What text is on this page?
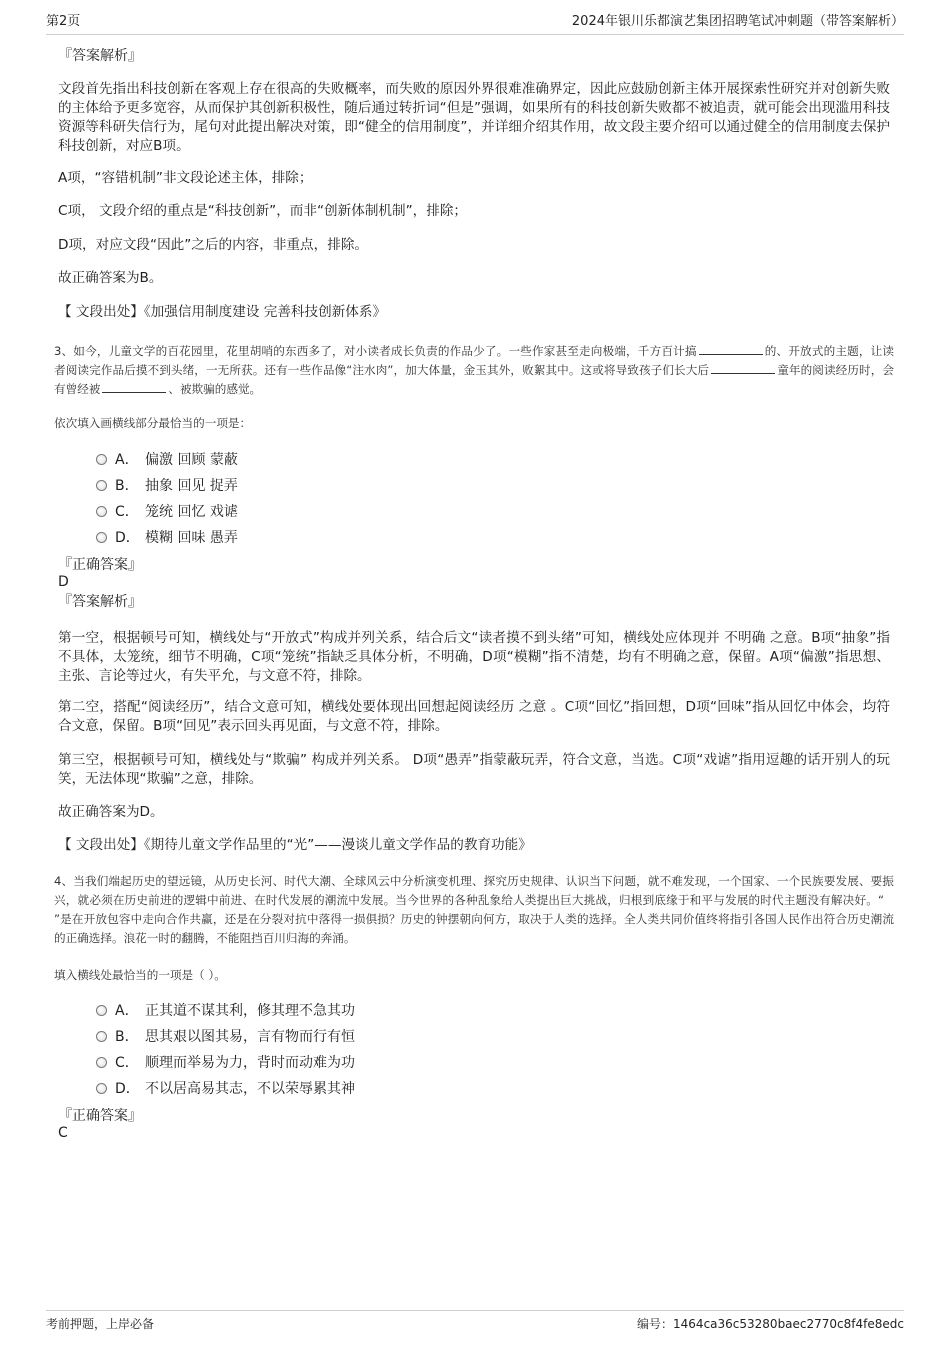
第2页	2024年银川乐都演艺集团招聘笔试冲刺题（带答案解析）
『答案解析』

文段首先指出科技创新在客观上存在很高的失败概率，而失败的原因外界很难准确界定，因此应鼓励创新主体开展探索性研究并对创新失败的主体给予更多宽容，从而保护其创新积极性，随后通过转折词“但是”强调，如果所有的科技创新失败都不被追责，就可能会出现滥用科技资源等科研失信行为，尾句对此提出解决对策，即“健全的信用制度”，并详细介绍其作用，故文段主要介绍可以通过健全的信用制度去保护科技创新，对应B项。

A项，“容错机制”非文段论述主体，排除；

C项， 文段介绍的重点是“科技创新”，而非“创新体制机制”，排除；

D项，对应文段“因此”之后的内容，非重点，排除。

故正确答案为B。

【 文段出处】《加强信用制度建设 完善科技创新体系》

3、如今，儿童文学的百花园里，花里胡哨的东西多了，对小读者成长负责的作品少了。一些作家甚至走向极端，千方百计搞	的、开放式的主题，让读者阅读完作品后摸不到头绪，一无所获。还有一些作品像“注水肉”，加大体量，金玉其外，败絮其中。这或将导致孩子们长大后	童年的阅读经历时，会有曾经被	、被欺骗的感觉。

依次填入画横线部分最恰当的一项是：

A． 偏激 回顾 蒙蔽
B． 抽象 回见 捉弄
C． 笼统 回忆 戏谑
D． 模糊 回味 愚弄
『正确答案』
D
『答案解析』

第一空，根据顿号可知，横线处与“开放式”构成并列关系，结合后文“读者摸不到头绪”可知，横线处应体现并 不明确 之意。B项“抽象”指不具体，太笼统，细节不明确，C项“笼统”指缺乏具体分析，不明确，D项“模糊”指不清楚，均有不明确之意，保留。A项“偏激”指思想、主张、言论等过火，有失平允，与文意不符，排除。

第二空，搭配“阅读经历”，结合文意可知，横线处要体现出回想起阅读经历 之意 。C项“回忆”指回想，D项“回味”指从回忆中体会，均符合文意，保留。B项“回见”表示回头再见面，与文意不符，排除。

第三空，根据顿号可知，横线处与“欺骗” 构成并列关系。 D项“愚弄”指蒙蔽玩弄，符合文意，当选。C项“戏谑”指用逗趣的话开别人的玩笑，无法体现“欺骗”之意，排除。

故正确答案为D。

【 文段出处】《期待儿童文学作品里的“光”——漫谈儿童文学作品的教育功能》

4、当我们端起历史的望远镜，从历史长河、时代大潮、全球风云中分析演变机理、探究历史规律、认识当下问题，就不难发现，一个国家、一个民族要发展、要振兴，就必须在历史前进的逻辑中前进、在时代发展的潮流中发展。当今世界的各种乱象给人类提出巨大挑战，归根到底缘于和平与发展的时代主题没有解决好。“”是在开放包容中走向合作共赢，还是在分裂对抗中落得一损俱损？历史的钟摆朝向何方，取决于人类的选择。全人类共同价值终将指引各国人民作出符合历史潮流的正确选择。浪花一时的翻腾，不能阻挡百川归海的奔涌。

填入横线处最恰当的一项是（ ）。

A． 正其道不谋其利，修其理不急其功
B． 思其艰以图其易，言有物而行有恒
C． 顺理而举易为力，背时而动难为功
D． 不以居高易其志，不以荣辱累其神
『正确答案』
C
考前押题，上岸必备	编号：1464ca36c53280baec2770c8f4fe8edc
